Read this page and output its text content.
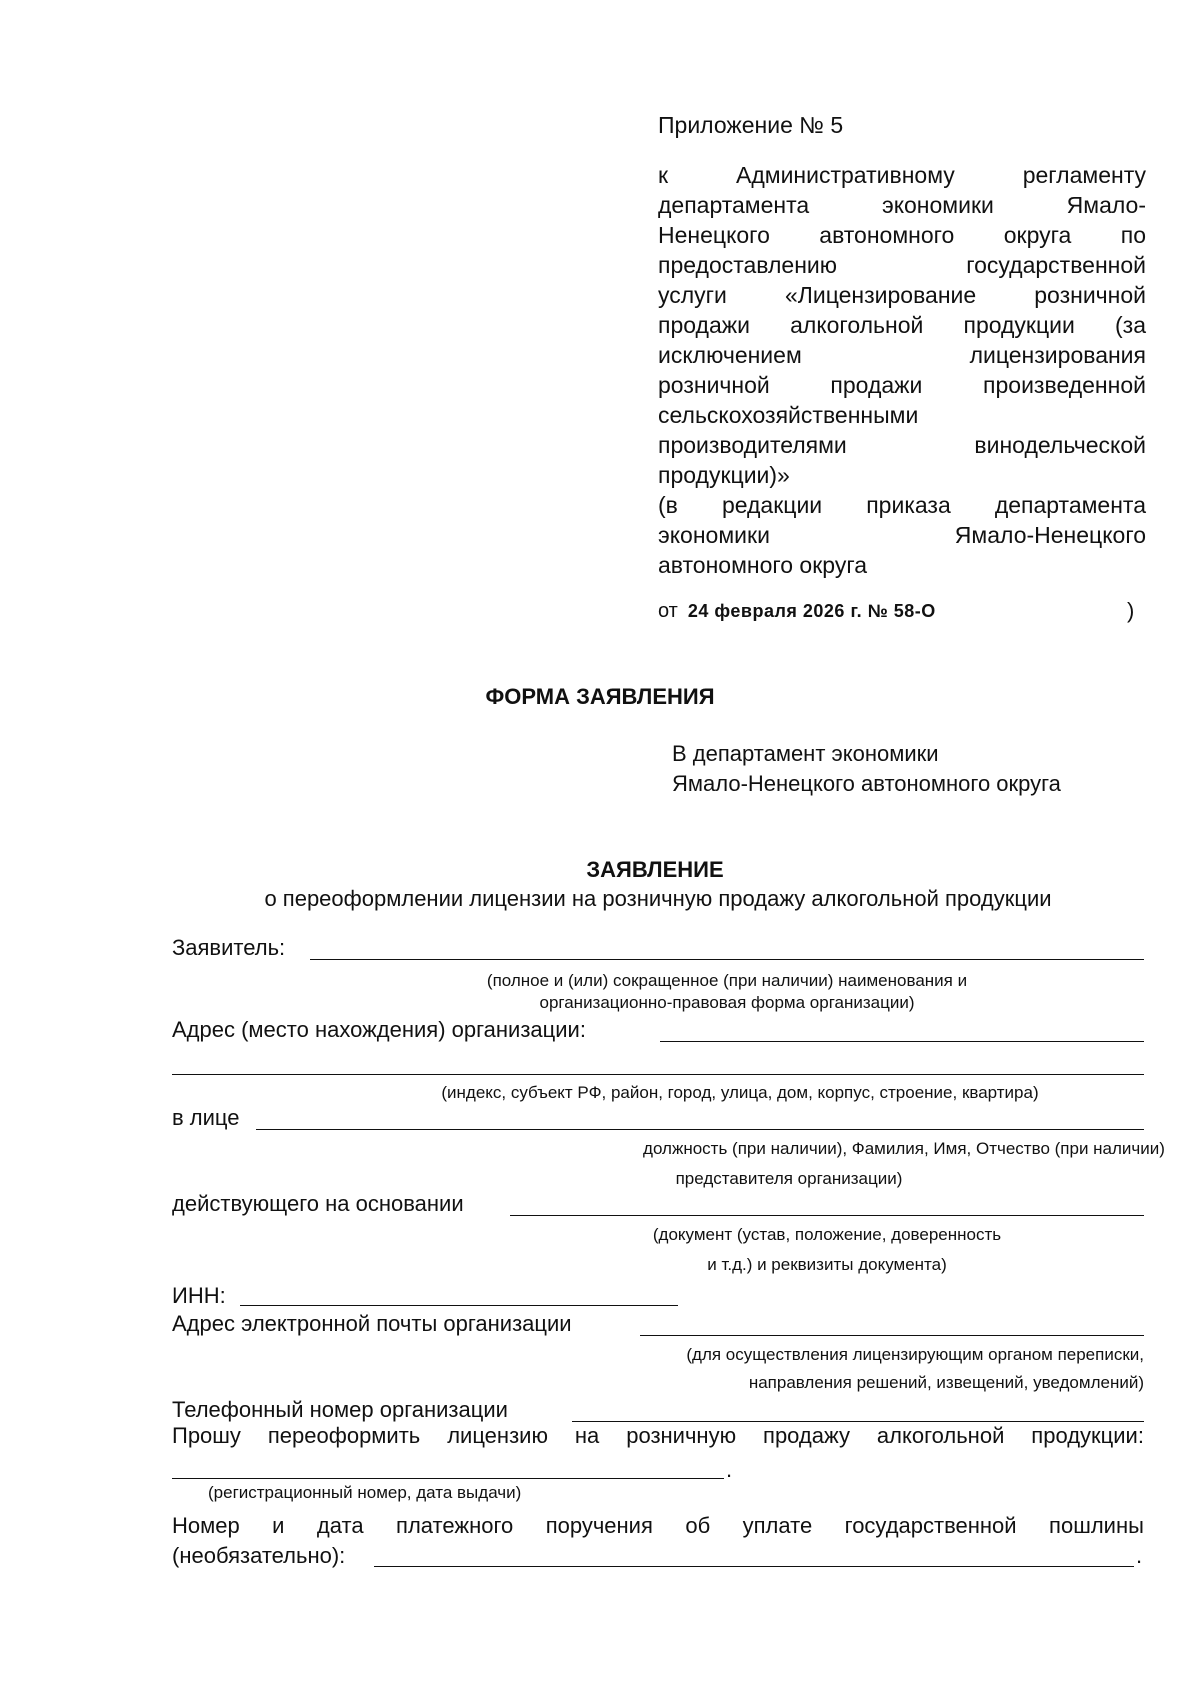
Приложение № 5
к	Административному	регламенту
департамента	экономики	Ямало-
Ненецкого автономного округа по
предоставлению	государственной
услуги	«Лицензирование	розничной
продажи алкогольной продукции (за
исключением	лицензирования
розничной	продажи	произведенной
сельскохозяйственными
производителями	винодельческой
продукции)»
(в редакции приказа департамента
экономики	Ямало-Ненецкого
автономного округа
от 24 февраля 2026 г. № 58-О	)
ФОРМА ЗАЯВЛЕНИЯ
В департамент экономики
Ямало-Ненецкого автономного округа
ЗАЯВЛЕНИЕ
о переоформлении лицензии на розничную продажу алкогольной продукции
Заявитель:
(полное и (или) сокращенное (при наличии) наименования и
организационно-правовая форма организации)
Адрес (место нахождения) организации:
(индекс, субъект РФ, район, город, улица, дом, корпус, строение, квартира)
в лице
должность (при наличии), Фамилия, Имя, Отчество (при наличии)
представителя организации)
действующего на основании
(документ (устав, положение, доверенность
и т.д.) и реквизиты документа)
ИНН:
Адрес электронной почты организации
(для осуществления лицензирующим органом переписки,
направления решений, извещений, уведомлений)
Телефонный номер организации
Прошу переоформить лицензию на розничную продажу алкогольной продукции:
.
(регистрационный номер, дата выдачи)
Номер и дата платежного поручения об уплате государственной пошлины
(необязательно):	.
